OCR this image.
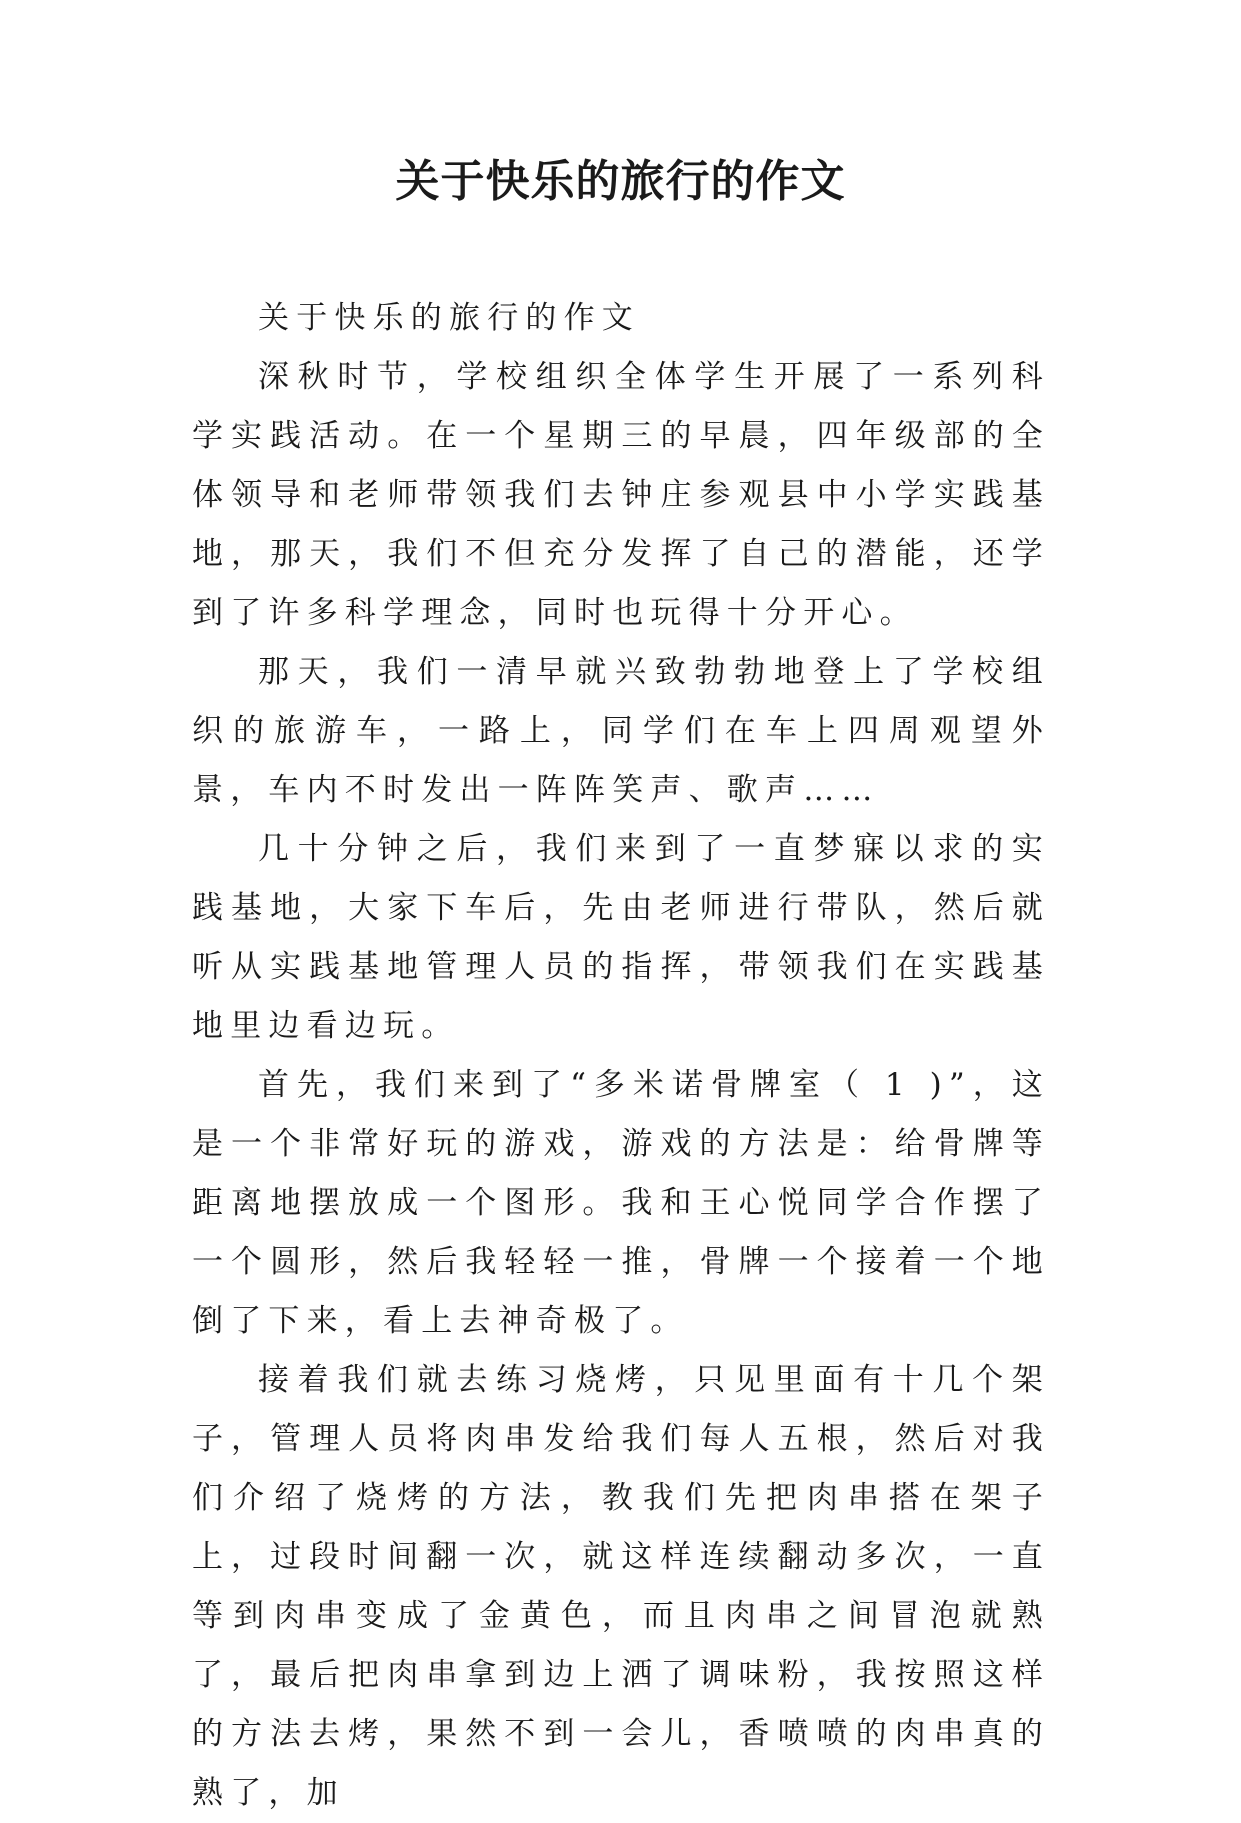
关于快乐的旅行的作文

关于快乐的旅行的作文

深秋时节，学校组织全体学生开展了一系列科学实践活动。在一个星期三的早晨，四年级部的全体领导和老师带领我们去钟庄参观县中小学实践基地，那天，我们不但充分发挥了自己的潜能，还学到了许多科学理念，同时也玩得十分开心。

那天，我们一清早就兴致勃勃地登上了学校组织的旅游车，一路上，同学们在车上四周观望外景，车内不时发出一阵阵笑声、歌声……

几十分钟之后，我们来到了一直梦寐以求的实践基地，大家下车后，先由老师进行带队，然后就听从实践基地管理人员的指挥，带领我们在实践基地里边看边玩。

首先，我们来到了“多米诺骨牌室（ 1 )”，这是一个非常好玩的游戏，游戏的方法是：给骨牌等距离地摆放成一个图形。我和王心悦同学合作摆了一个圆形，然后我轻轻一推，骨牌一个接着一个地倒了下来，看上去神奇极了。

接着我们就去练习烧烤，只见里面有十几个架子，管理人员将肉串发给我们每人五根，然后对我们介绍了烧烤的方法，教我们先把肉串搭在架子上，过段时间翻一次，就这样连续翻动多次，一直等到肉串变成了金黄色，而且肉串之间冒泡就熟了，最后把肉串拿到边上洒了调味粉，我按照这样的方法去烤，果然不到一会儿，香喷喷的肉串真的熟了，加
